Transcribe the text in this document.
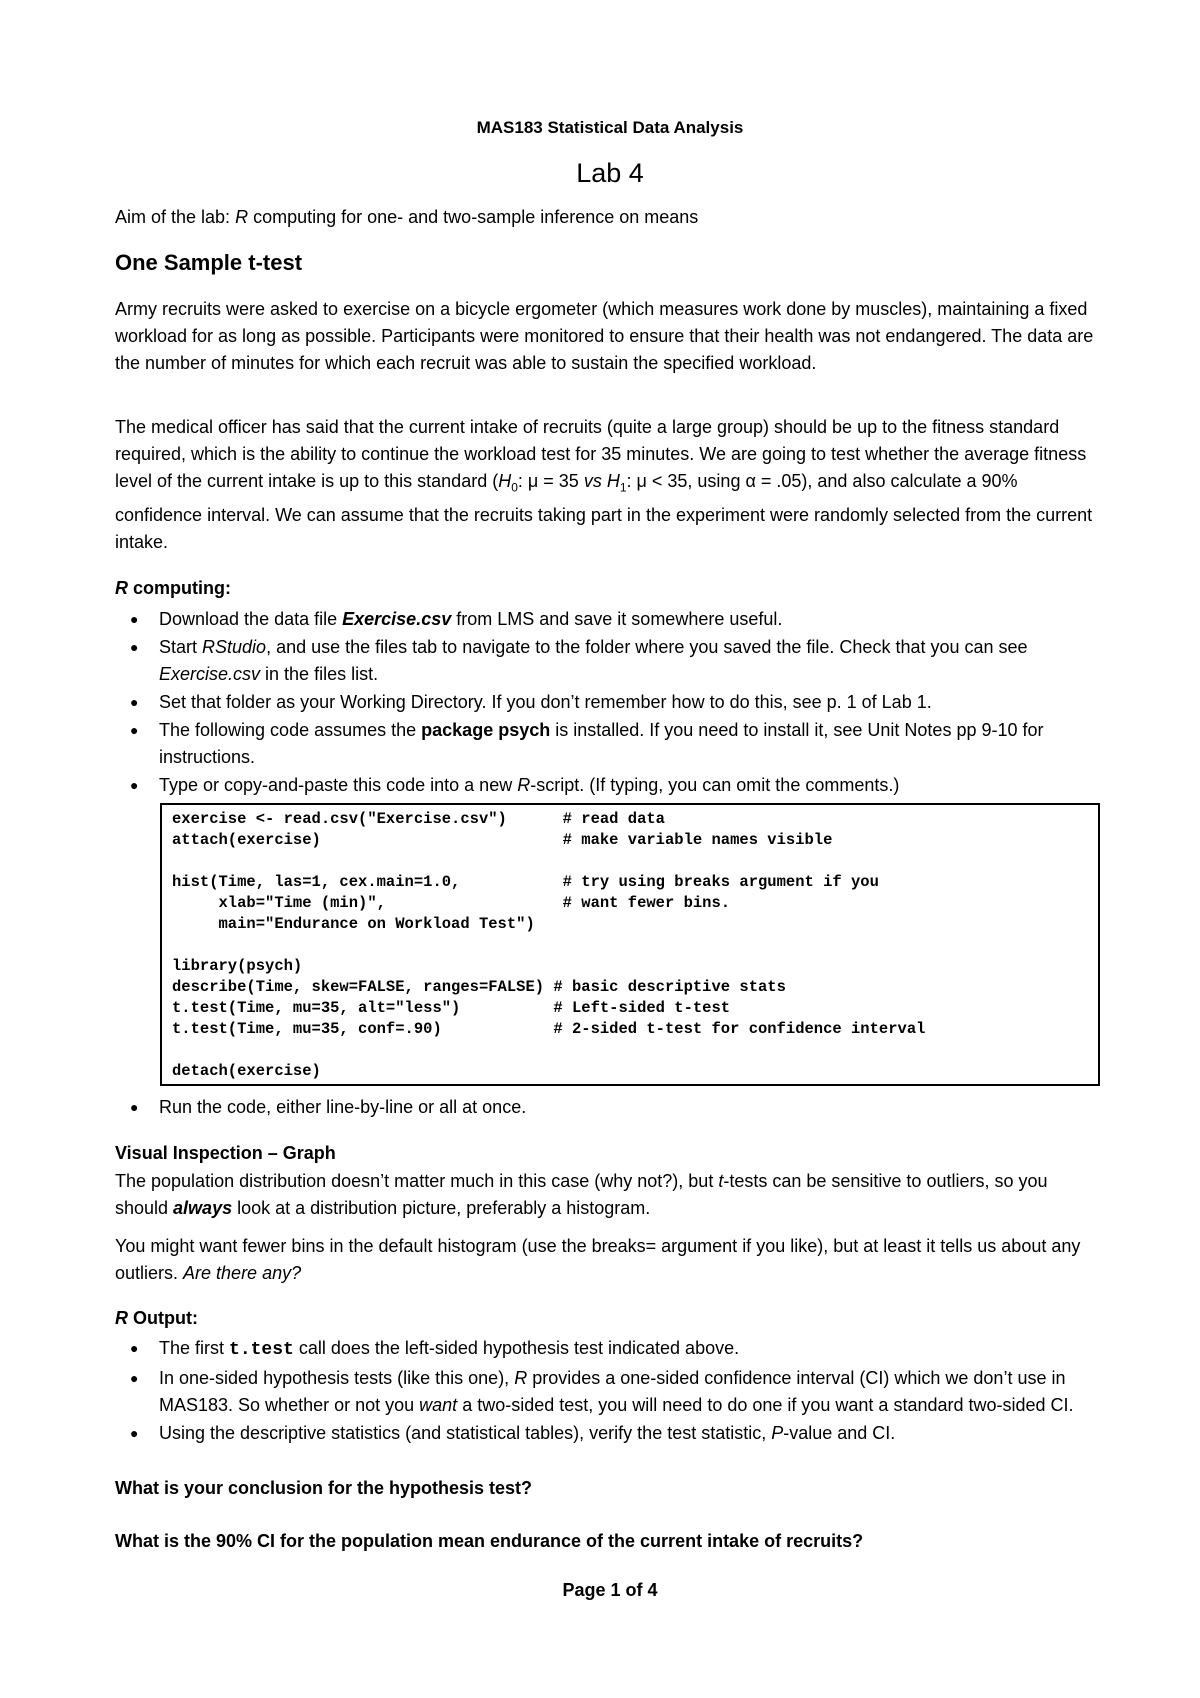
MAS183 Statistical Data Analysis
Lab 4
Aim of the lab: R computing for one- and two-sample inference on means
One Sample t-test

Army recruits were asked to exercise on a bicycle ergometer (which measures work done by muscles), maintaining a fixed workload for as long as possible. Participants were monitored to ensure that their health was not endangered. The data are the number of minutes for which each recruit was able to sustain the specified workload.

The medical officer has said that the current intake of recruits (quite a large group) should be up to the fitness standard required, which is the ability to continue the workload test for 35 minutes. We are going to test whether the average fitness level of the current intake is up to this standard ($H_0$: μ = 35 vs $H_1$: μ < 35, using α = .05), and also calculate a 90% confidence interval. We can assume that the recruits taking part in the experiment were randomly selected from the current intake.

R computing:
● Download the data file Exercise.csv from LMS and save it somewhere useful.
● Start RStudio, and use the files tab to navigate to the folder where you saved the file. Check that you can see Exercise.csv in the files list.
● Set that folder as your Working Directory. If you don’t remember how to do this, see p. 1 of Lab 1.
● The following code assumes the package psych is installed. If you need to install it, see Unit Notes pp 9-10 for instructions.
● Type or copy-and-paste this code into a new R-script. (If typing, you can omit the comments.)
exercise <- read.csv("Exercise.csv")      # read data
attach(exercise)                          # make variable names visible
hist(Time, las=1, cex.main=1.0,           # try using breaks argument if you
xlab="Time (min)",                   # want fewer bins.
main="Endurance on Workload Test")
library(psych)
describe(Time, skew=FALSE, ranges=FALSE) # basic descriptive stats
t.test(Time, mu=35, alt="less")          # Left-sided t-test
t.test(Time, mu=35, conf=.90)            # 2-sided t-test for confidence interval
detach(exercise)
● Run the code, either line-by-line or all at once.
Visual Inspection – Graph

The population distribution doesn’t matter much in this case (why not?), but t-tests can be sensitive to outliers, so you should always look at a distribution picture, preferably a histogram.

You might want fewer bins in the default histogram (use the breaks= argument if you like), but at least it tells us about any outliers. Are there any?

R Output:
● The first t.test call does the left-sided hypothesis test indicated above.
● In one-sided hypothesis tests (like this one), R provides a one-sided confidence interval (CI) which we don’t use in MAS183. So whether or not you want a two-sided test, you will need to do one if you want a standard two-sided CI.
● Using the descriptive statistics (and statistical tables), verify the test statistic, P-value and CI.
What is your conclusion for the hypothesis test?
What is the 90% CI for the population mean endurance of the current intake of recruits?
Page 1 of 4
